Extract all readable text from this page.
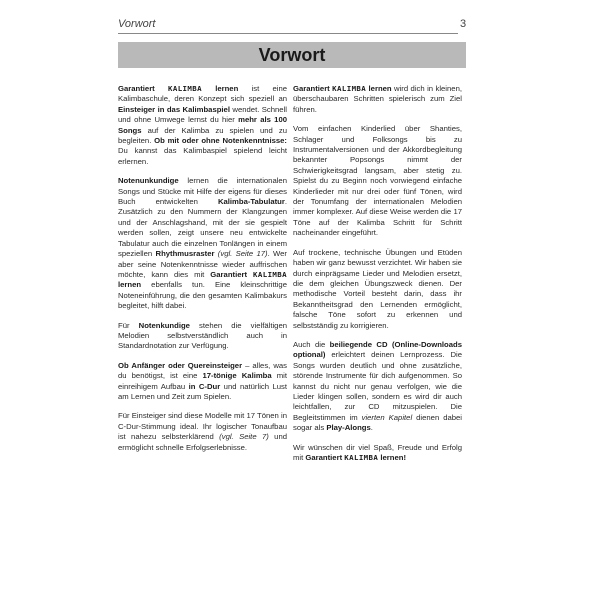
Vorwort	3
Vorwort

Garantiert KALIMBA lernen ist eine Kalimbaschule, deren Konzept sich speziell an Einsteiger in das Kalimbaspiel wendet. Schnell und ohne Umwege lernst du hier mehr als 100 Songs auf der Kalimba zu spielen und zu begleiten. Ob mit oder ohne Notenkenntnisse: Du kannst das Kalimbaspiel spielend leicht erlernen.

Notenunkundige lernen die internationalen Songs und Stücke mit Hilfe der eigens für dieses Buch entwickelten Kalimba-Tabulatur. Zusätzlich zu den Nummern der Klangzungen und der Anschlagshand, mit der sie gespielt werden sollen, zeigt unsere neu entwickelte Tabulatur auch die einzelnen Tonlängen in einem speziellen Rhythmusraster (vgl. Seite 17). Wer aber seine Notenkenntnisse wieder auffrischen möchte, kann dies mit Garantiert KALIMBA lernen ebenfalls tun. Eine kleinschrittige Noteneinführung, die den gesamten Kalimbakurs begleitet, hilft dabei.

Für Notenkundige stehen die vielfältigen Melodien selbstverständlich auch in Standardnotation zur Verfügung.

Ob Anfänger oder Quereinsteiger – alles, was du benötigst, ist eine 17-tönige Kalimba mit einreihigem Aufbau in C-Dur und natürlich Lust am Lernen und Zeit zum Spielen.

Für Einsteiger sind diese Modelle mit 17 Tönen in C-Dur-Stimmung ideal. Ihr logischer Tonaufbau ist nahezu selbsterklärend (vgl. Seite 7) und ermöglicht schnelle Erfolgserlebnisse.

Garantiert KALIMBA lernen wird dich in kleinen, überschaubaren Schritten spielerisch zum Ziel führen.

Vom einfachen Kinderlied über Shanties, Schlager und Folksongs bis zu Instrumentalversionen und der Akkordbegleitung bekannter Popsongs nimmt der Schwierigkeitsgrad langsam, aber stetig zu. Spielst du zu Beginn noch vorwiegend einfache Kinderlieder mit nur drei oder fünf Tönen, wird der Tonumfang der internationalen Melodien immer komplexer. Auf diese Weise werden die 17 Töne auf der Kalimba Schritt für Schritt nacheinander eingeführt.

Auf trockene, technische Übungen und Etüden haben wir ganz bewusst verzichtet. Wir haben sie durch einprägsame Lieder und Melodien ersetzt, die dem gleichen Übungszweck dienen. Der methodische Vorteil besteht darin, dass ihr Bekanntheitsgrad den Lernenden ermöglicht, falsche Töne sofort zu erkennen und selbstständig zu korrigieren.

Auch die beiliegende CD (Online-Downloads optional) erleichtert deinen Lernprozess. Die Songs wurden deutlich und ohne zusätzliche, störende Instrumente für dich aufgenommen. So kannst du nicht nur genau verfolgen, wie die Lieder klingen sollen, sondern es wird dir auch leichtfallen, zur CD mitzuspielen. Die Begleitstimmen im vierten Kapitel dienen dabei sogar als Play-Alongs.

Wir wünschen dir viel Spaß, Freude und Erfolg mit Garantiert KALIMBA lernen!
